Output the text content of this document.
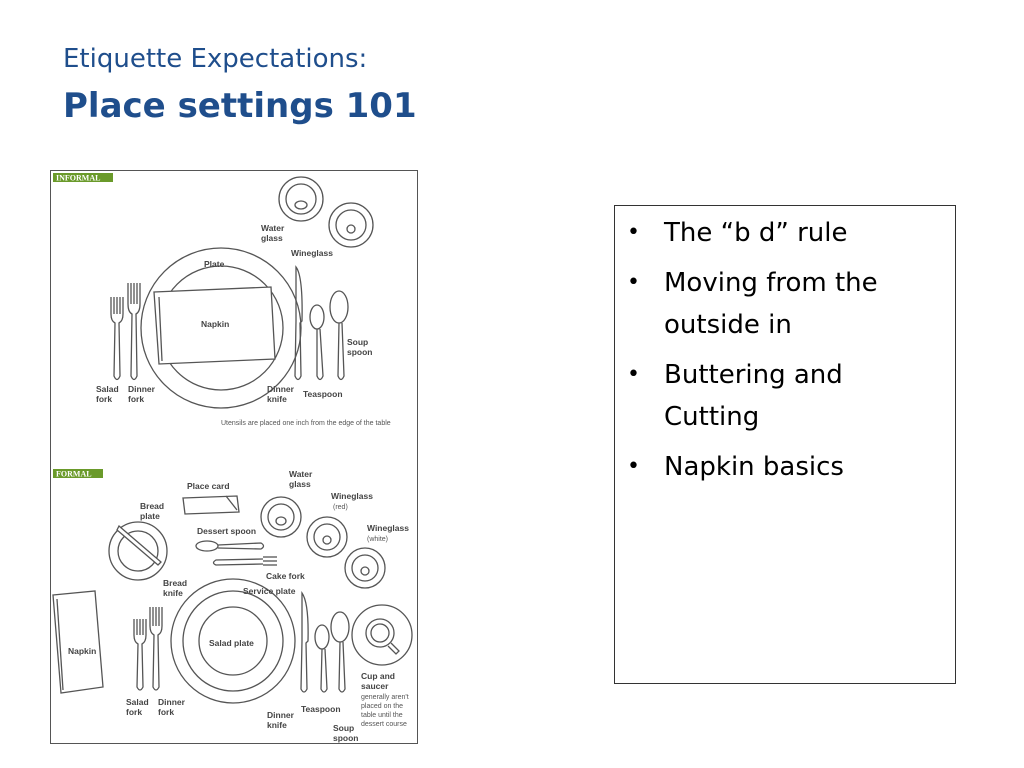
Etiquette Expectations:
Place settings 101
INFORMAL
Water
glass
Wineglass
Plate
Napkin
Salad
fork
Dinner
fork
Soup
spoon
Dinner
knife Teaspoon
Utensils are placed one inch from the edge of the table
FORMAL
Place card
Water
glass
Wineglass
(red)
Wineglass
(white)
Bread
plate
Bread
knife
Dessert spoon
Cake fork
Service plate
Salad plate
Napkin
Salad
fork
Dinner
fork	Dinner
knife
Teaspoon
Soup
spoon
Cup and
saucer
generally aren't
placed on the
table until the
dessert course
• The “b d” rule
• Moving from the outside in
• Buttering and Cutting
• Napkin basics
